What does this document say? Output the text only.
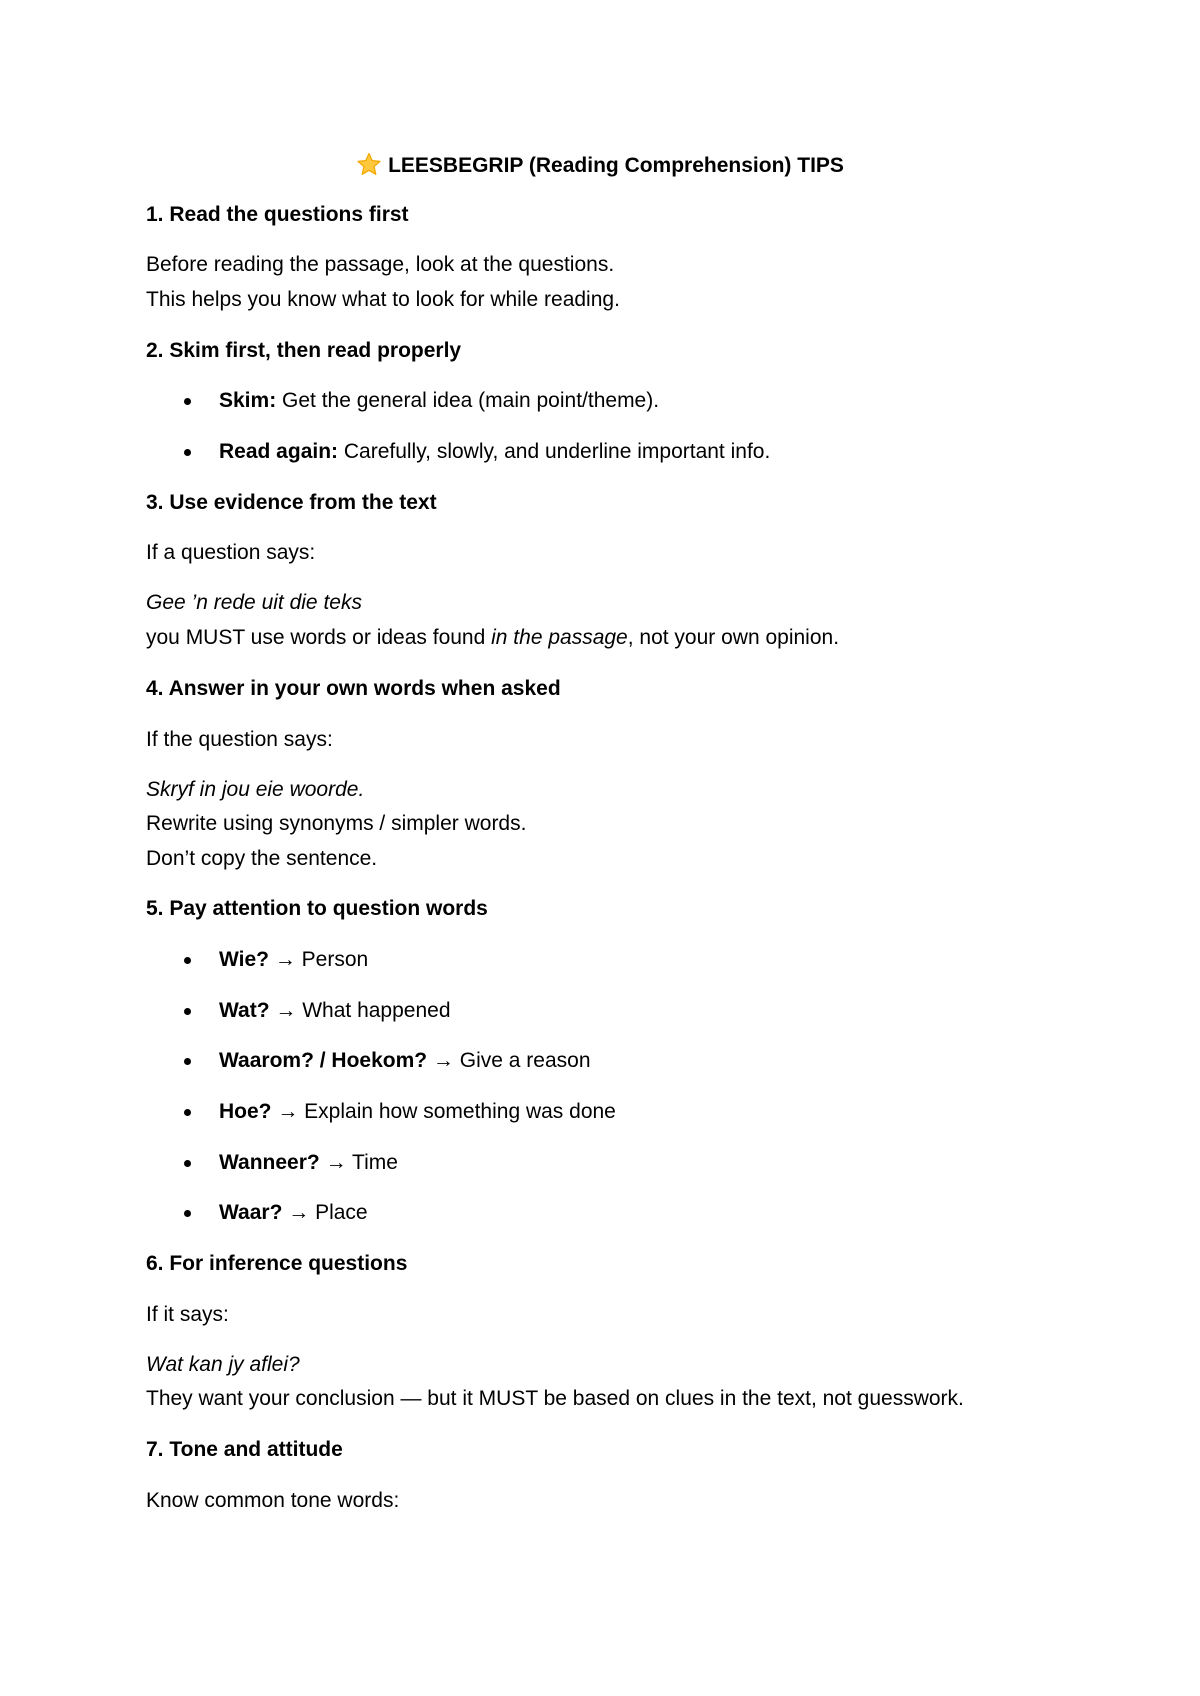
LEESBEGRIP (Reading Comprehension) TIPS
1. Read the questions first
Before reading the passage, look at the questions.
This helps you know what to look for while reading.
2. Skim first, then read properly
Skim: Get the general idea (main point/theme).
Read again: Carefully, slowly, and underline important info.
3. Use evidence from the text
If a question says:
Gee ’n rede uit die teks
you MUST use words or ideas found in the passage, not your own opinion.
4. Answer in your own words when asked
If the question says:
Skryf in jou eie woorde.
Rewrite using synonyms / simpler words.
Don’t copy the sentence.
5. Pay attention to question words
Wie? → Person
Wat? → What happened
Waarom? / Hoekom? → Give a reason
Hoe? → Explain how something was done
Wanneer? → Time
Waar? → Place
6. For inference questions
If it says:
Wat kan jy aflei?
They want your conclusion — but it MUST be based on clues in the text, not guesswork.
7. Tone and attitude
Know common tone words:
